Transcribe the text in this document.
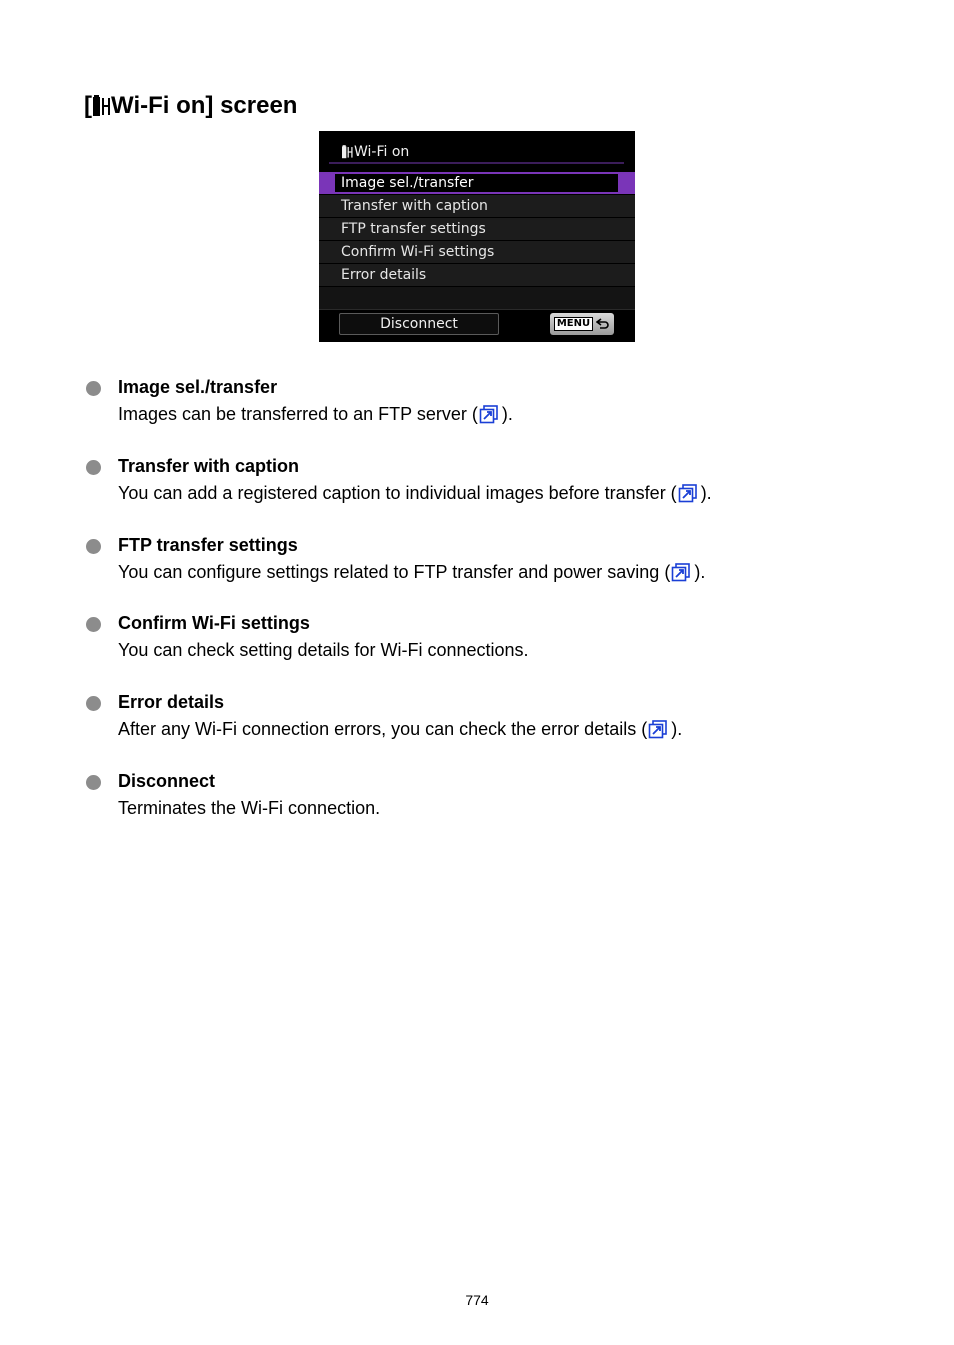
[ Wi-Fi on] screen
Wi-Fi on
Image sel./transfer
Transfer with caption
FTP transfer settings
Confirm Wi-Fi settings
Error details
Disconnect	MENU
Image sel./transfer
Images can be transferred to an FTP server ( ).
Transfer with caption
You can add a registered caption to individual images before transfer ( ).
FTP transfer settings
You can configure settings related to FTP transfer and power saving ( ).
Confirm Wi-Fi settings
You can check setting details for Wi-Fi connections.
Error details
After any Wi-Fi connection errors, you can check the error details ( ).
Disconnect
Terminates the Wi-Fi connection.
774
